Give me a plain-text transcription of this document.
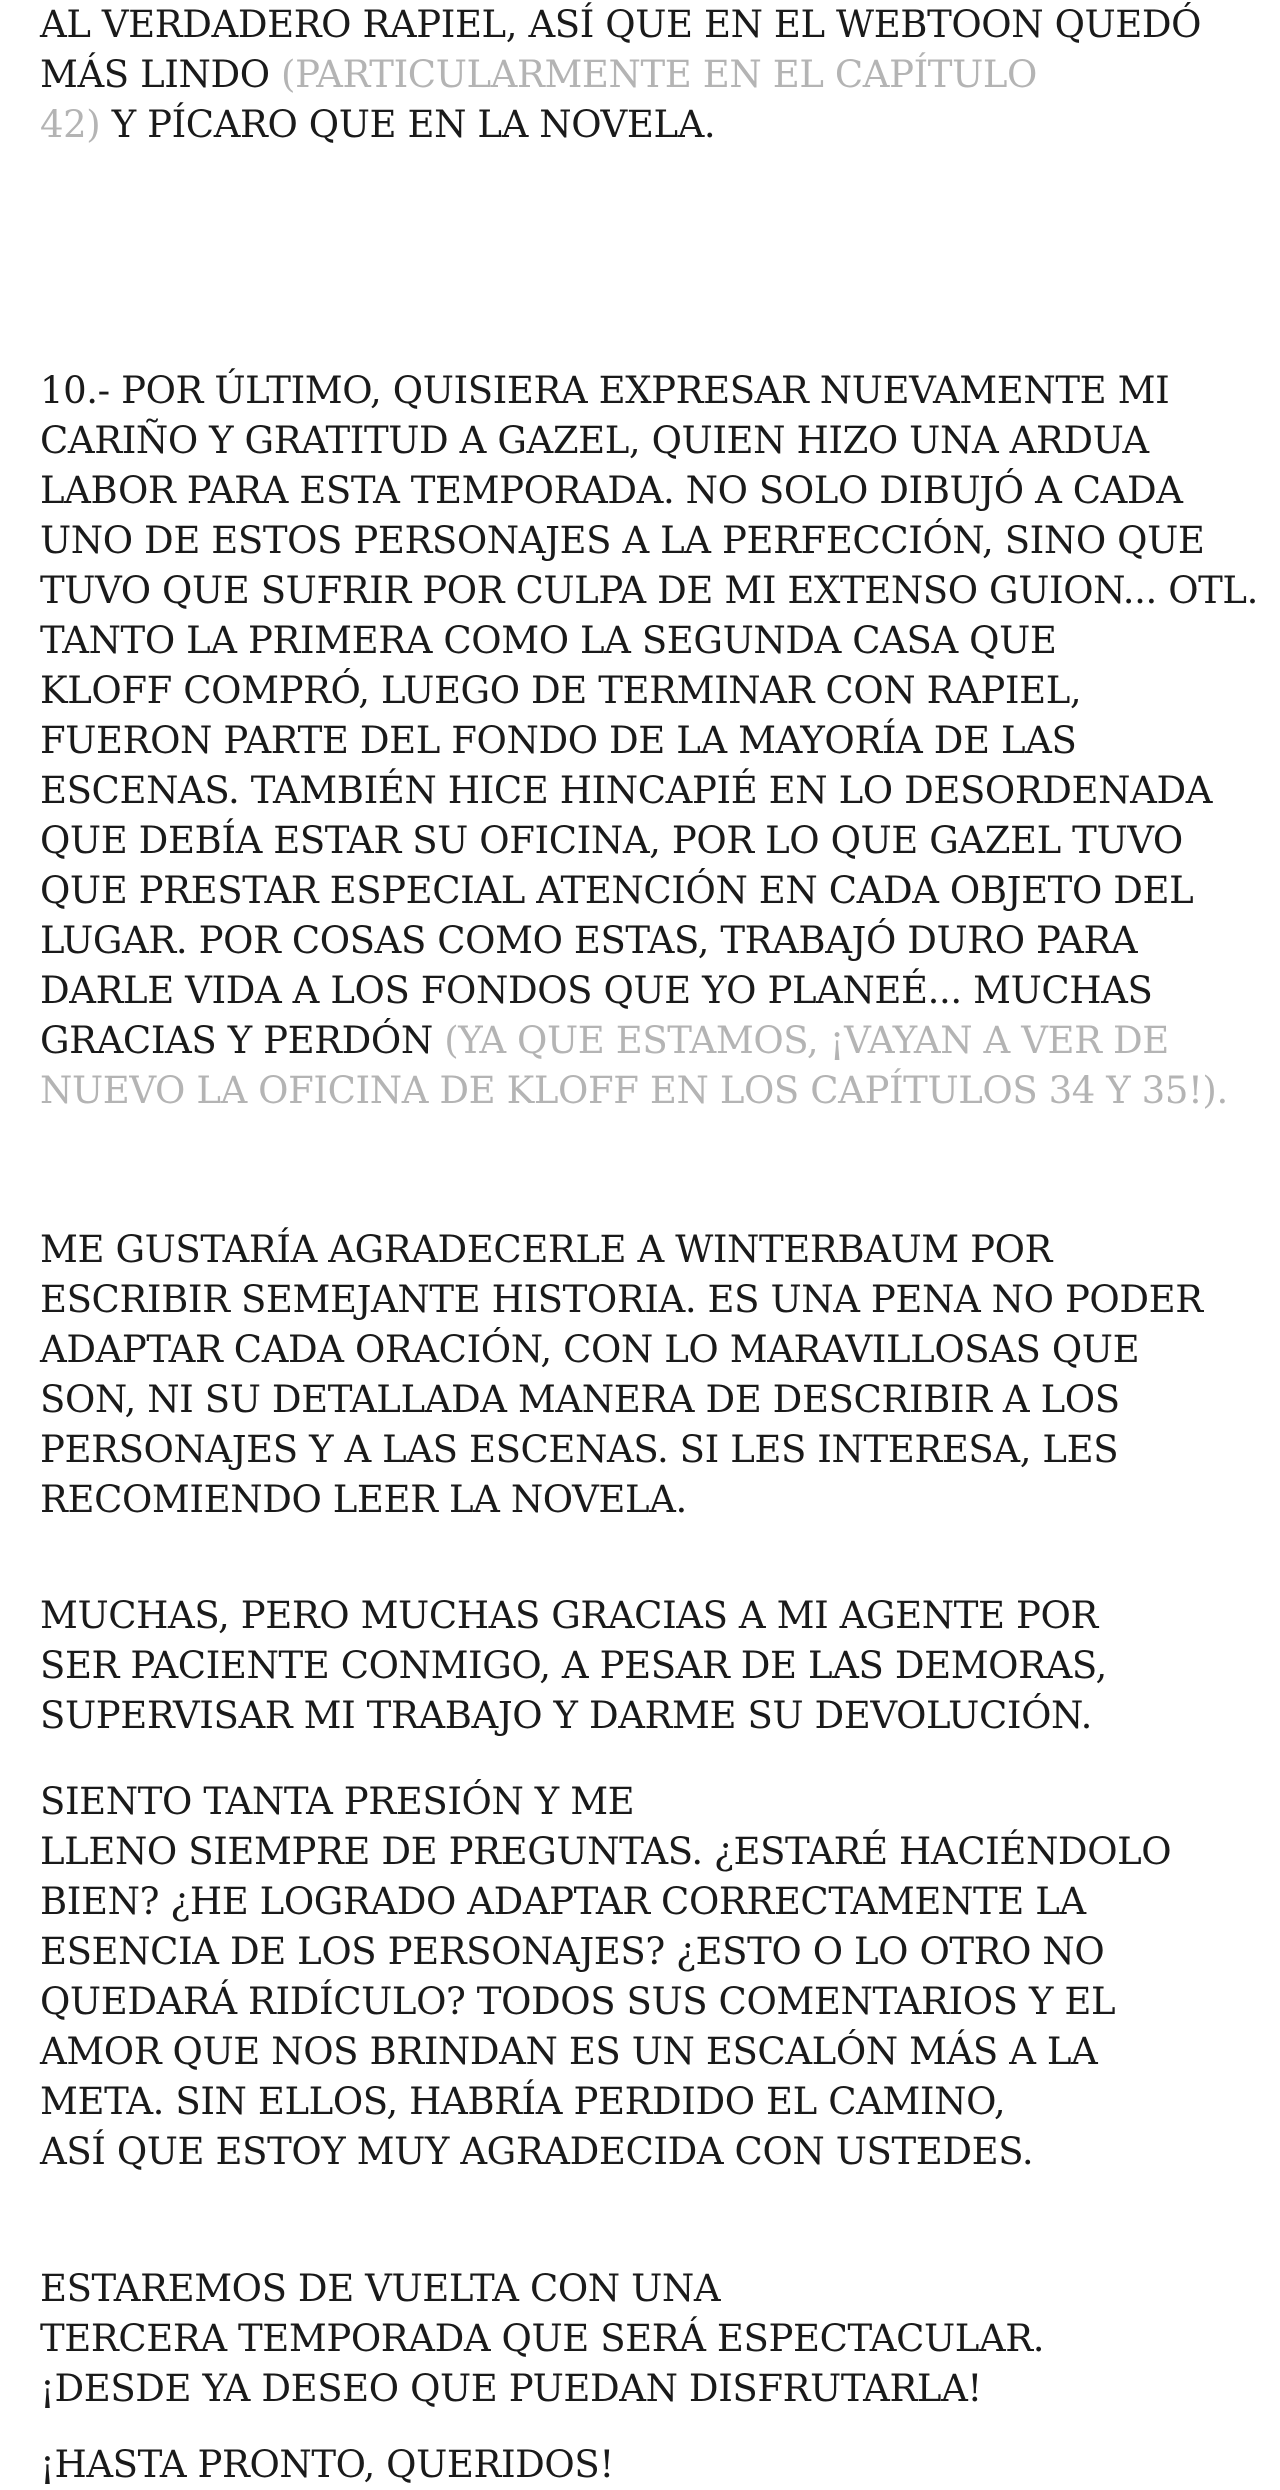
AL VERDADERO RAPIEL, ASÍ QUE EN EL WEBTOON QUEDÓ
MÁS LINDO (PARTICULARMENTE EN EL CAPÍTULO
42) Y PÍCARO QUE EN LA NOVELA.

10.- POR ÚLTIMO, QUISIERA EXPRESAR NUEVAMENTE MI
CARIÑO Y GRATITUD A GAZEL, QUIEN HIZO UNA ARDUA
LABOR PARA ESTA TEMPORADA. NO SOLO DIBUJÓ A CADA
UNO DE ESTOS PERSONAJES A LA PERFECCIÓN, SINO QUE
TUVO QUE SUFRIR POR CULPA DE MI EXTENSO GUION... OTL.
TANTO LA PRIMERA COMO LA SEGUNDA CASA QUE
KLOFF COMPRÓ, LUEGO DE TERMINAR CON RAPIEL,
FUERON PARTE DEL FONDO DE LA MAYORÍA DE LAS
ESCENAS. TAMBIÉN HICE HINCAPIÉ EN LO DESORDENADA
QUE DEBÍA ESTAR SU OFICINA, POR LO QUE GAZEL TUVO
QUE PRESTAR ESPECIAL ATENCIÓN EN CADA OBJETO DEL
LUGAR. POR COSAS COMO ESTAS, TRABAJÓ DURO PARA
DARLE VIDA A LOS FONDOS QUE YO PLANEÉ... MUCHAS
GRACIAS Y PERDÓN (YA QUE ESTAMOS, ¡VAYAN A VER DE
NUEVO LA OFICINA DE KLOFF EN LOS CAPÍTULOS 34 Y 35!).

ME GUSTARÍA AGRADECERLE A WINTERBAUM POR
ESCRIBIR SEMEJANTE HISTORIA. ES UNA PENA NO PODER
ADAPTAR CADA ORACIÓN, CON LO MARAVILLOSAS QUE
SON, NI SU DETALLADA MANERA DE DESCRIBIR A LOS
PERSONAJES Y A LAS ESCENAS. SI LES INTERESA, LES
RECOMIENDO LEER LA NOVELA.

MUCHAS, PERO MUCHAS GRACIAS A MI AGENTE POR
SER PACIENTE CONMIGO, A PESAR DE LAS DEMORAS,
SUPERVISAR MI TRABAJO Y DARME SU DEVOLUCIÓN.

SIENTO TANTA PRESIÓN Y ME
LLENO SIEMPRE DE PREGUNTAS. ¿ESTARÉ HACIÉNDOLO
BIEN? ¿HE LOGRADO ADAPTAR CORRECTAMENTE LA
ESENCIA DE LOS PERSONAJES? ¿ESTO O LO OTRO NO
QUEDARÁ RIDÍCULO? TODOS SUS COMENTARIOS Y EL
AMOR QUE NOS BRINDAN ES UN ESCALÓN MÁS A LA
META. SIN ELLOS, HABRÍA PERDIDO EL CAMINO,
ASÍ QUE ESTOY MUY AGRADECIDA CON USTEDES.

ESTAREMOS DE VUELTA CON UNA
TERCERA TEMPORADA QUE SERÁ ESPECTACULAR.
¡DESDE YA DESEO QUE PUEDAN DISFRUTARLA!

¡HASTA PRONTO, QUERIDOS!
